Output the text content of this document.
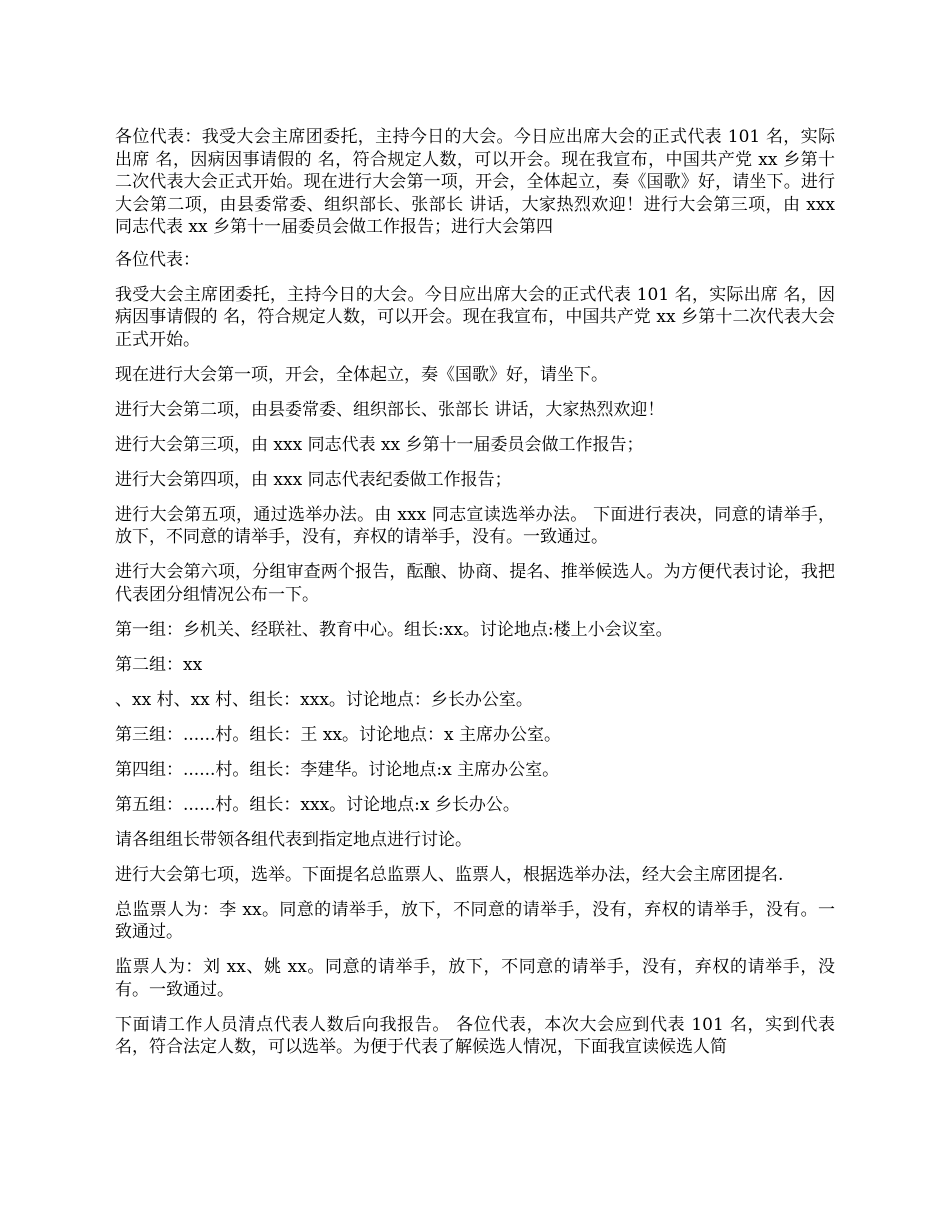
各位代表：我受大会主席团委托，主持今日的大会。今日应出席大会的正式代表 101 名，实际出席 名，因病因事请假的 名，符合规定人数，可以开会。现在我宣布，中国共产党 xx 乡第十二次代表大会正式开始。现在进行大会第一项，开会，全体起立，奏《国歌》好，请坐下。进行大会第二项，由县委常委、组织部长、张部长 讲话，大家热烈欢迎！进行大会第三项，由 xxx 同志代表 xx 乡第十一届委员会做工作报告；进行大会第四

各位代表：

我受大会主席团委托，主持今日的大会。今日应出席大会的正式代表 101 名，实际出席 名，因病因事请假的 名，符合规定人数，可以开会。现在我宣布，中国共产党 xx 乡第十二次代表大会正式开始。

现在进行大会第一项，开会，全体起立，奏《国歌》好，请坐下。

进行大会第二项，由县委常委、组织部长、张部长 讲话，大家热烈欢迎！

进行大会第三项，由 xxx 同志代表 xx 乡第十一届委员会做工作报告；

进行大会第四项，由 xxx 同志代表纪委做工作报告；

进行大会第五项，通过选举办法。由 xxx 同志宣读选举办法。 下面进行表决，同意的请举手，放下，不同意的请举手，没有，弃权的请举手，没有。一致通过。

进行大会第六项，分组审查两个报告，酝酿、协商、提名、推举候选人。为方便代表讨论，我把代表团分组情况公布一下。

第一组：乡机关、经联社、教育中心。组长:xx。讨论地点:楼上小会议室。

第二组：xx

、xx 村、xx 村、组长：xxx。讨论地点：乡长办公室。

第三组：......村。组长：王 xx。讨论地点：x 主席办公室。

第四组：......村。组长：李建华。讨论地点:x 主席办公室。

第五组：......村。组长：xxx。讨论地点:x 乡长办公。

请各组组长带领各组代表到指定地点进行讨论。

进行大会第七项，选举。下面提名总监票人、监票人，根据选举办法，经大会主席团提名.

总监票人为：李 xx。同意的请举手，放下，不同意的请举手，没有，弃权的请举手，没有。一致通过。

监票人为：刘 xx、姚 xx。同意的请举手，放下，不同意的请举手，没有，弃权的请举手，没有。一致通过。

下面请工作人员清点代表人数后向我报告。 各位代表，本次大会应到代表 101 名，实到代表 名，符合法定人数，可以选举。为便于代表了解候选人情况，下面我宣读候选人简
